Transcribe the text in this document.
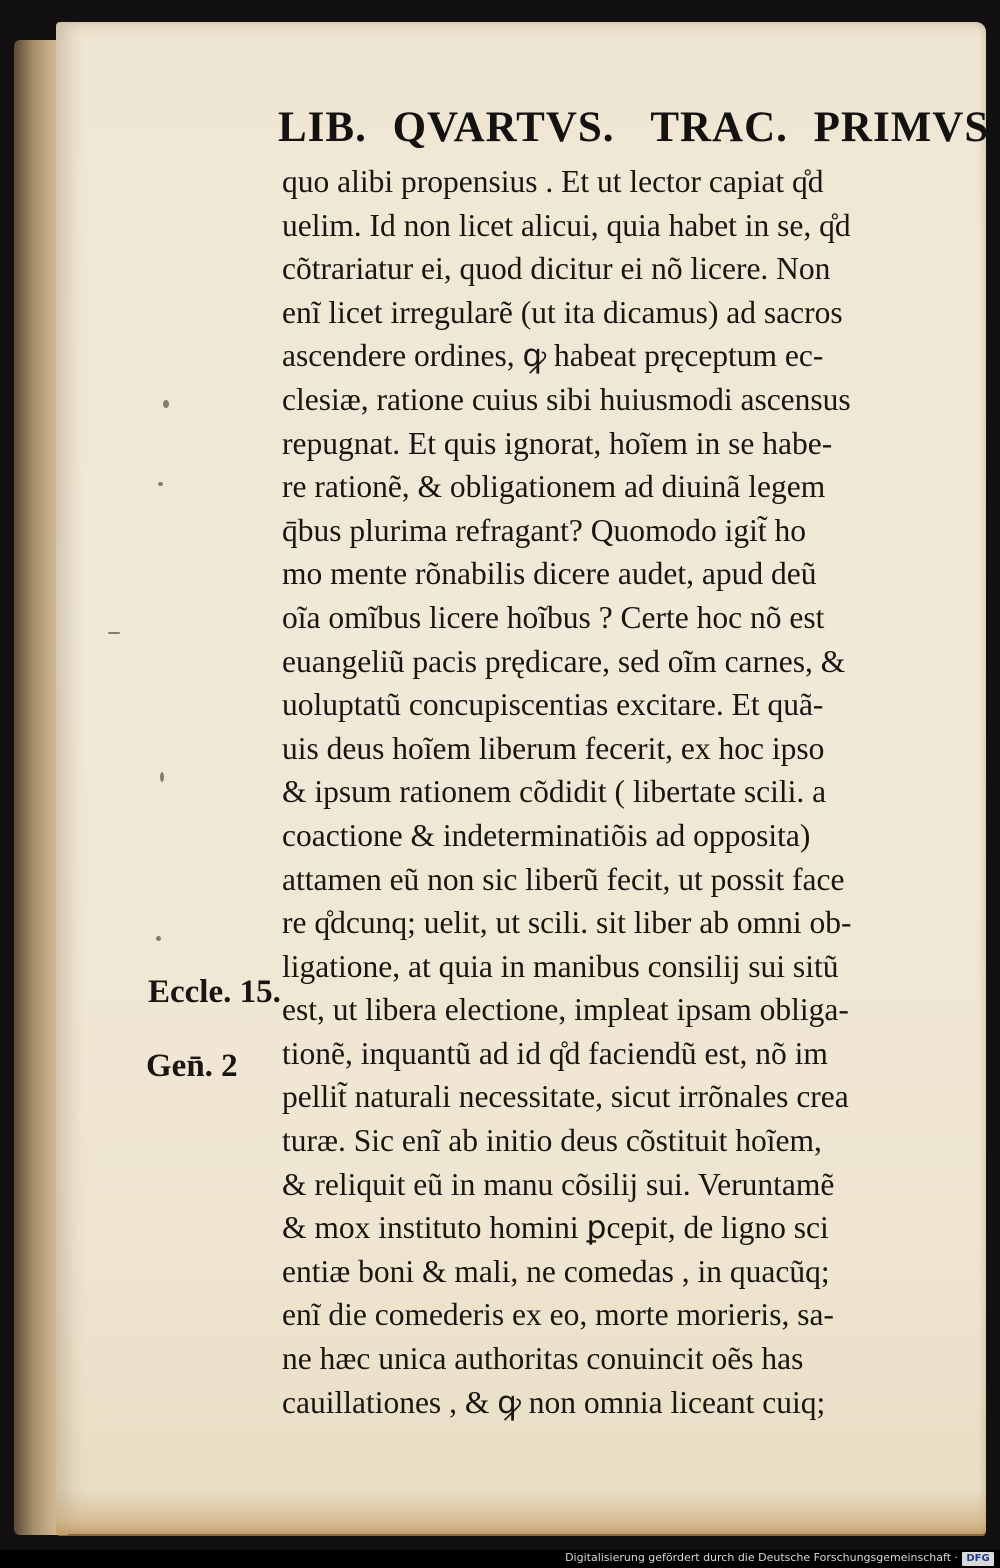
LIB. QVARTVS. TRAC. PRIMVS
quo alibi propensius . Et ut lector capiat q̊d
uelim. Id non licet alicui, quia habet in se, q̊d
cõtrariatur ei, quod dicitur ei nõ licere. Non
enĩ licet irregularẽ (ut ita dicamus) ad sacros
ascendere ordines, ꝙ habeat pręceptum ec-
clesiæ, ratione cuius sibi huiusmodi ascensus
repugnat. Et quis ignorat, hoĩem in se habe-
re rationẽ, & obligationem ad diuinã legem
q̄bus plurima refragant? Quomodo igit̃ ho
mo mente rõnabilis dicere audet, apud deũ
oĩa omĩbus licere hoĩbus ? Certe hoc nõ est
euangeliũ pacis prędicare, sed oĩm carnes, &
uoluptatũ concupiscentias excitare. Et quã-
uis deus hoĩem liberum fecerit, ex hoc ipso
& ipsum rationem cõdidit ( libertate scili. a
coactione & indeterminatiõis ad opposita)
attamen eũ non sic liberũ fecit, ut possit face
re q̊dcunq; uelit, ut scili. sit liber ab omni ob-
ligatione, at quia in manibus consilij sui sitũ
est, ut libera electione, impleat ipsam obliga-
tionẽ, inquantũ ad id q̊d faciendũ est, nõ im
pellit̃ naturali necessitate, sicut irrõnales crea
turæ. Sic enĩ ab initio deus cõstituit hoĩem,
& reliquit eũ in manu cõsilij sui. Veruntamẽ
& mox instituto homini ꝑcepit, de ligno sci
entiæ boni & mali, ne comedas , in quacũq;
enĩ die comederis ex eo, morte morieris, sa-
ne hæc unica authoritas conuincit oẽs has
cauillationes , & ꝙ non omnia liceant cuiq;
Eccle. 15.
Gen̄. 2
Digitalisierung gefördert durch die Deutsche Forschungsgemeinschaft · DFG
